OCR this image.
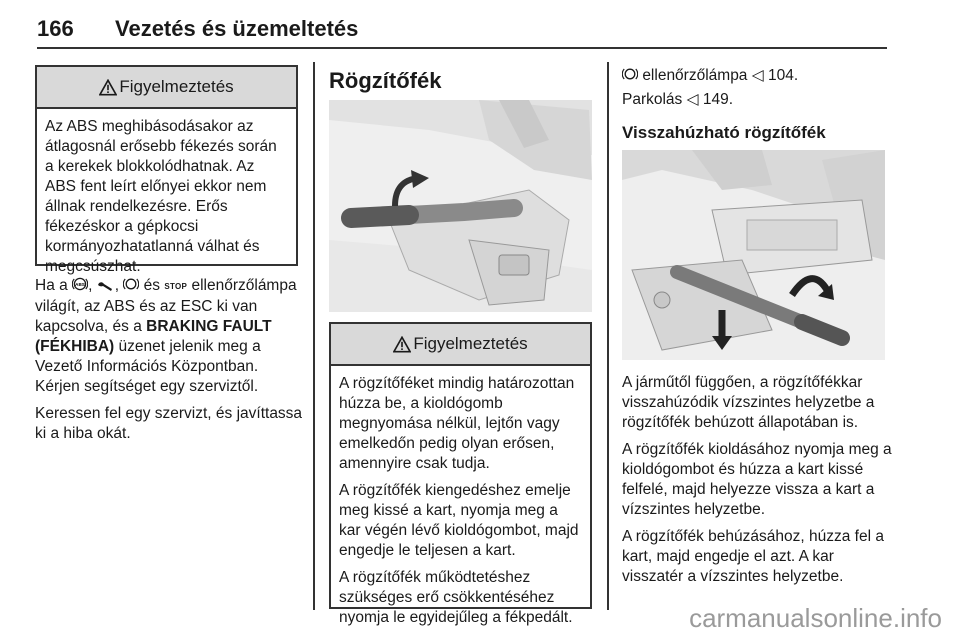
166 Vezetés és üzemeltetés
Figyelmeztetés

Az ABS meghibásodásakor az átlagosnál erősebb fékezés során a kerekek blokkolódhatnak. Az ABS fent leírt előnyei ekkor nem állnak rendelkezésre. Erős fékezéskor a gépkocsi kormányozhatatlanná válhat és megcsúszhat.

Ha a ABS , , és STOP ellenőrzőlámpa világít, az ABS és az ESC ki van kapcsolva, és a BRAKING FAULT (FÉKHIBA) üzenet jelenik meg a Vezető Információs Központban. Kérjen segítséget egy szerviztől.

Keressen fel egy szervizt, és javíttassa ki a hiba okát.

Rögzítőfék
Figyelmeztetés

A rögzítőféket mindig határozottan húzza be, a kioldógomb megnyomása nélkül, lejtőn vagy emelkedőn pedig olyan erősen, amennyire csak tudja.

A rögzítőfék kiengedéshez emelje meg kissé a kart, nyomja meg a kar végén lévő kioldógombot, majd engedje le teljesen a kart.

A rögzítőfék működtetéshez szükséges erő csökkentéséhez nyomja le egyidejűleg a fékpedált.

ellenőrzőlámpa ◁ 104.

Parkolás ◁ 149.

Visszahúzható rögzítőfék

A járműtől függően, a rögzítőfékkar visszahúzódik vízszintes helyzetbe a rögzítőfék behúzott állapotában is.

A rögzítőfék kioldásához nyomja meg a kioldógombot és húzza a kart kissé felfelé, majd helyezze vissza a kart a vízszintes helyzetbe.

A rögzítőfék behúzásához, húzza fel a kart, majd engedje el azt. A kar visszatér a vízszintes helyzetbe.

carmanualsonline.info
